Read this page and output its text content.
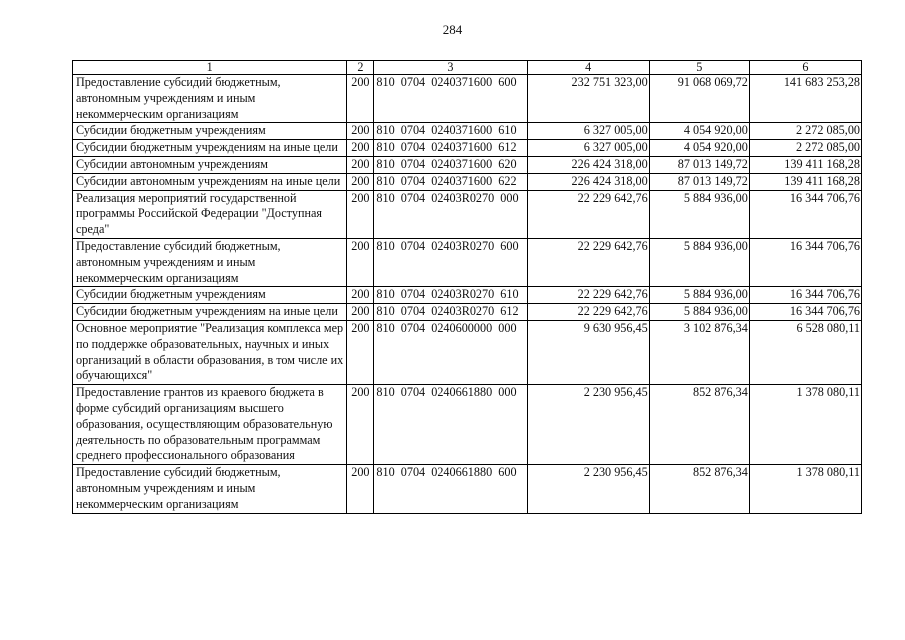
284
1	2	3	4	5	6
Предоставление субсидий бюджетным, автономным учреждениям и иным некоммерческим организациям	200	810  0704  0240371600  600	232 751 323,00	91 068 069,72	141 683 253,28
Субсидии бюджетным учреждениям	200	810  0704  0240371600  610	6 327 005,00	4 054 920,00	2 272 085,00
Субсидии бюджетным учреждениям на иные цели	200	810  0704  0240371600  612	6 327 005,00	4 054 920,00	2 272 085,00
Субсидии автономным учреждениям	200	810  0704  0240371600  620	226 424 318,00	87 013 149,72	139 411 168,28
Субсидии автономным учреждениям на иные цели	200	810  0704  0240371600  622	226 424 318,00	87 013 149,72	139 411 168,28
Реализация мероприятий государственной программы Российской Федерации "Доступная среда"	200	810  0704  02403R0270  000	22 229 642,76	5 884 936,00	16 344 706,76
Предоставление субсидий бюджетным, автономным учреждениям и иным некоммерческим организациям	200	810  0704  02403R0270  600	22 229 642,76	5 884 936,00	16 344 706,76
Субсидии бюджетным учреждениям	200	810  0704  02403R0270  610	22 229 642,76	5 884 936,00	16 344 706,76
Субсидии бюджетным учреждениям на иные цели	200	810  0704  02403R0270  612	22 229 642,76	5 884 936,00	16 344 706,76
Основное мероприятие "Реализация комплекса мер по поддержке образовательных, научных и иных организаций в области образования, в том числе их обучающихся"	200	810  0704  0240600000  000	9 630 956,45	3 102 876,34	6 528 080,11
Предоставление грантов из краевого бюджета в форме субсидий организациям высшего образования, осуществляющим образовательную деятельность по образовательным программам среднего профессионального образования	200	810  0704  0240661880  000	2 230 956,45	852 876,34	1 378 080,11
Предоставление субсидий бюджетным, автономным учреждениям и иным некоммерческим организациям	200	810  0704  0240661880  600	2 230 956,45	852 876,34	1 378 080,11
